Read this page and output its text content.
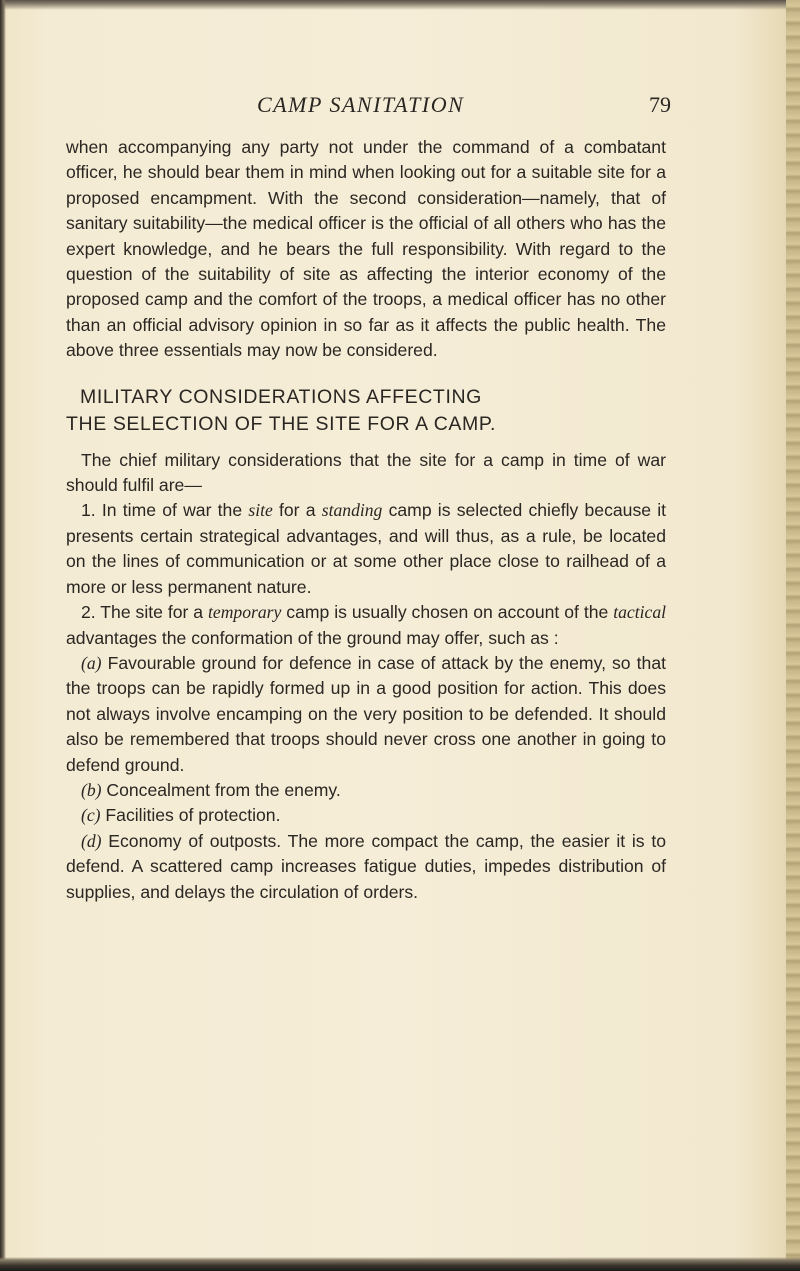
CAMP SANITATION	79

when accompanying any party not under the command of a combatant officer, he should bear them in mind when looking out for a suitable site for a proposed encampment. With the second consideration—namely, that of sanitary suitability—the medical officer is the official of all others who has the expert knowledge, and he bears the full responsibility. With regard to the question of the suitability of site as affecting the interior economy of the proposed camp and the comfort of the troops, a medical officer has no other than an official advisory opinion in so far as it affects the public health. The above three essentials may now be considered.

MILITARY CONSIDERATIONS AFFECTING
THE SELECTION OF THE SITE FOR A CAMP.

The chief military considerations that the site for a camp in time of war should fulfil are—

1. In time of war the site for a standing camp is selected chiefly because it presents certain strategical advantages, and will thus, as a rule, be located on the lines of communication or at some other place close to railhead of a more or less permanent nature.

2. The site for a temporary camp is usually chosen on account of the tactical advantages the conformation of the ground may offer, such as :

(a) Favourable ground for defence in case of attack by the enemy, so that the troops can be rapidly formed up in a good position for action. This does not always involve encamping on the very position to be defended. It should also be remembered that troops should never cross one another in going to defend ground.

(b) Concealment from the enemy.

(c) Facilities of protection.

(d) Economy of outposts. The more compact the camp, the easier it is to defend. A scattered camp increases fatigue duties, impedes distribution of supplies, and delays the circulation of orders.
